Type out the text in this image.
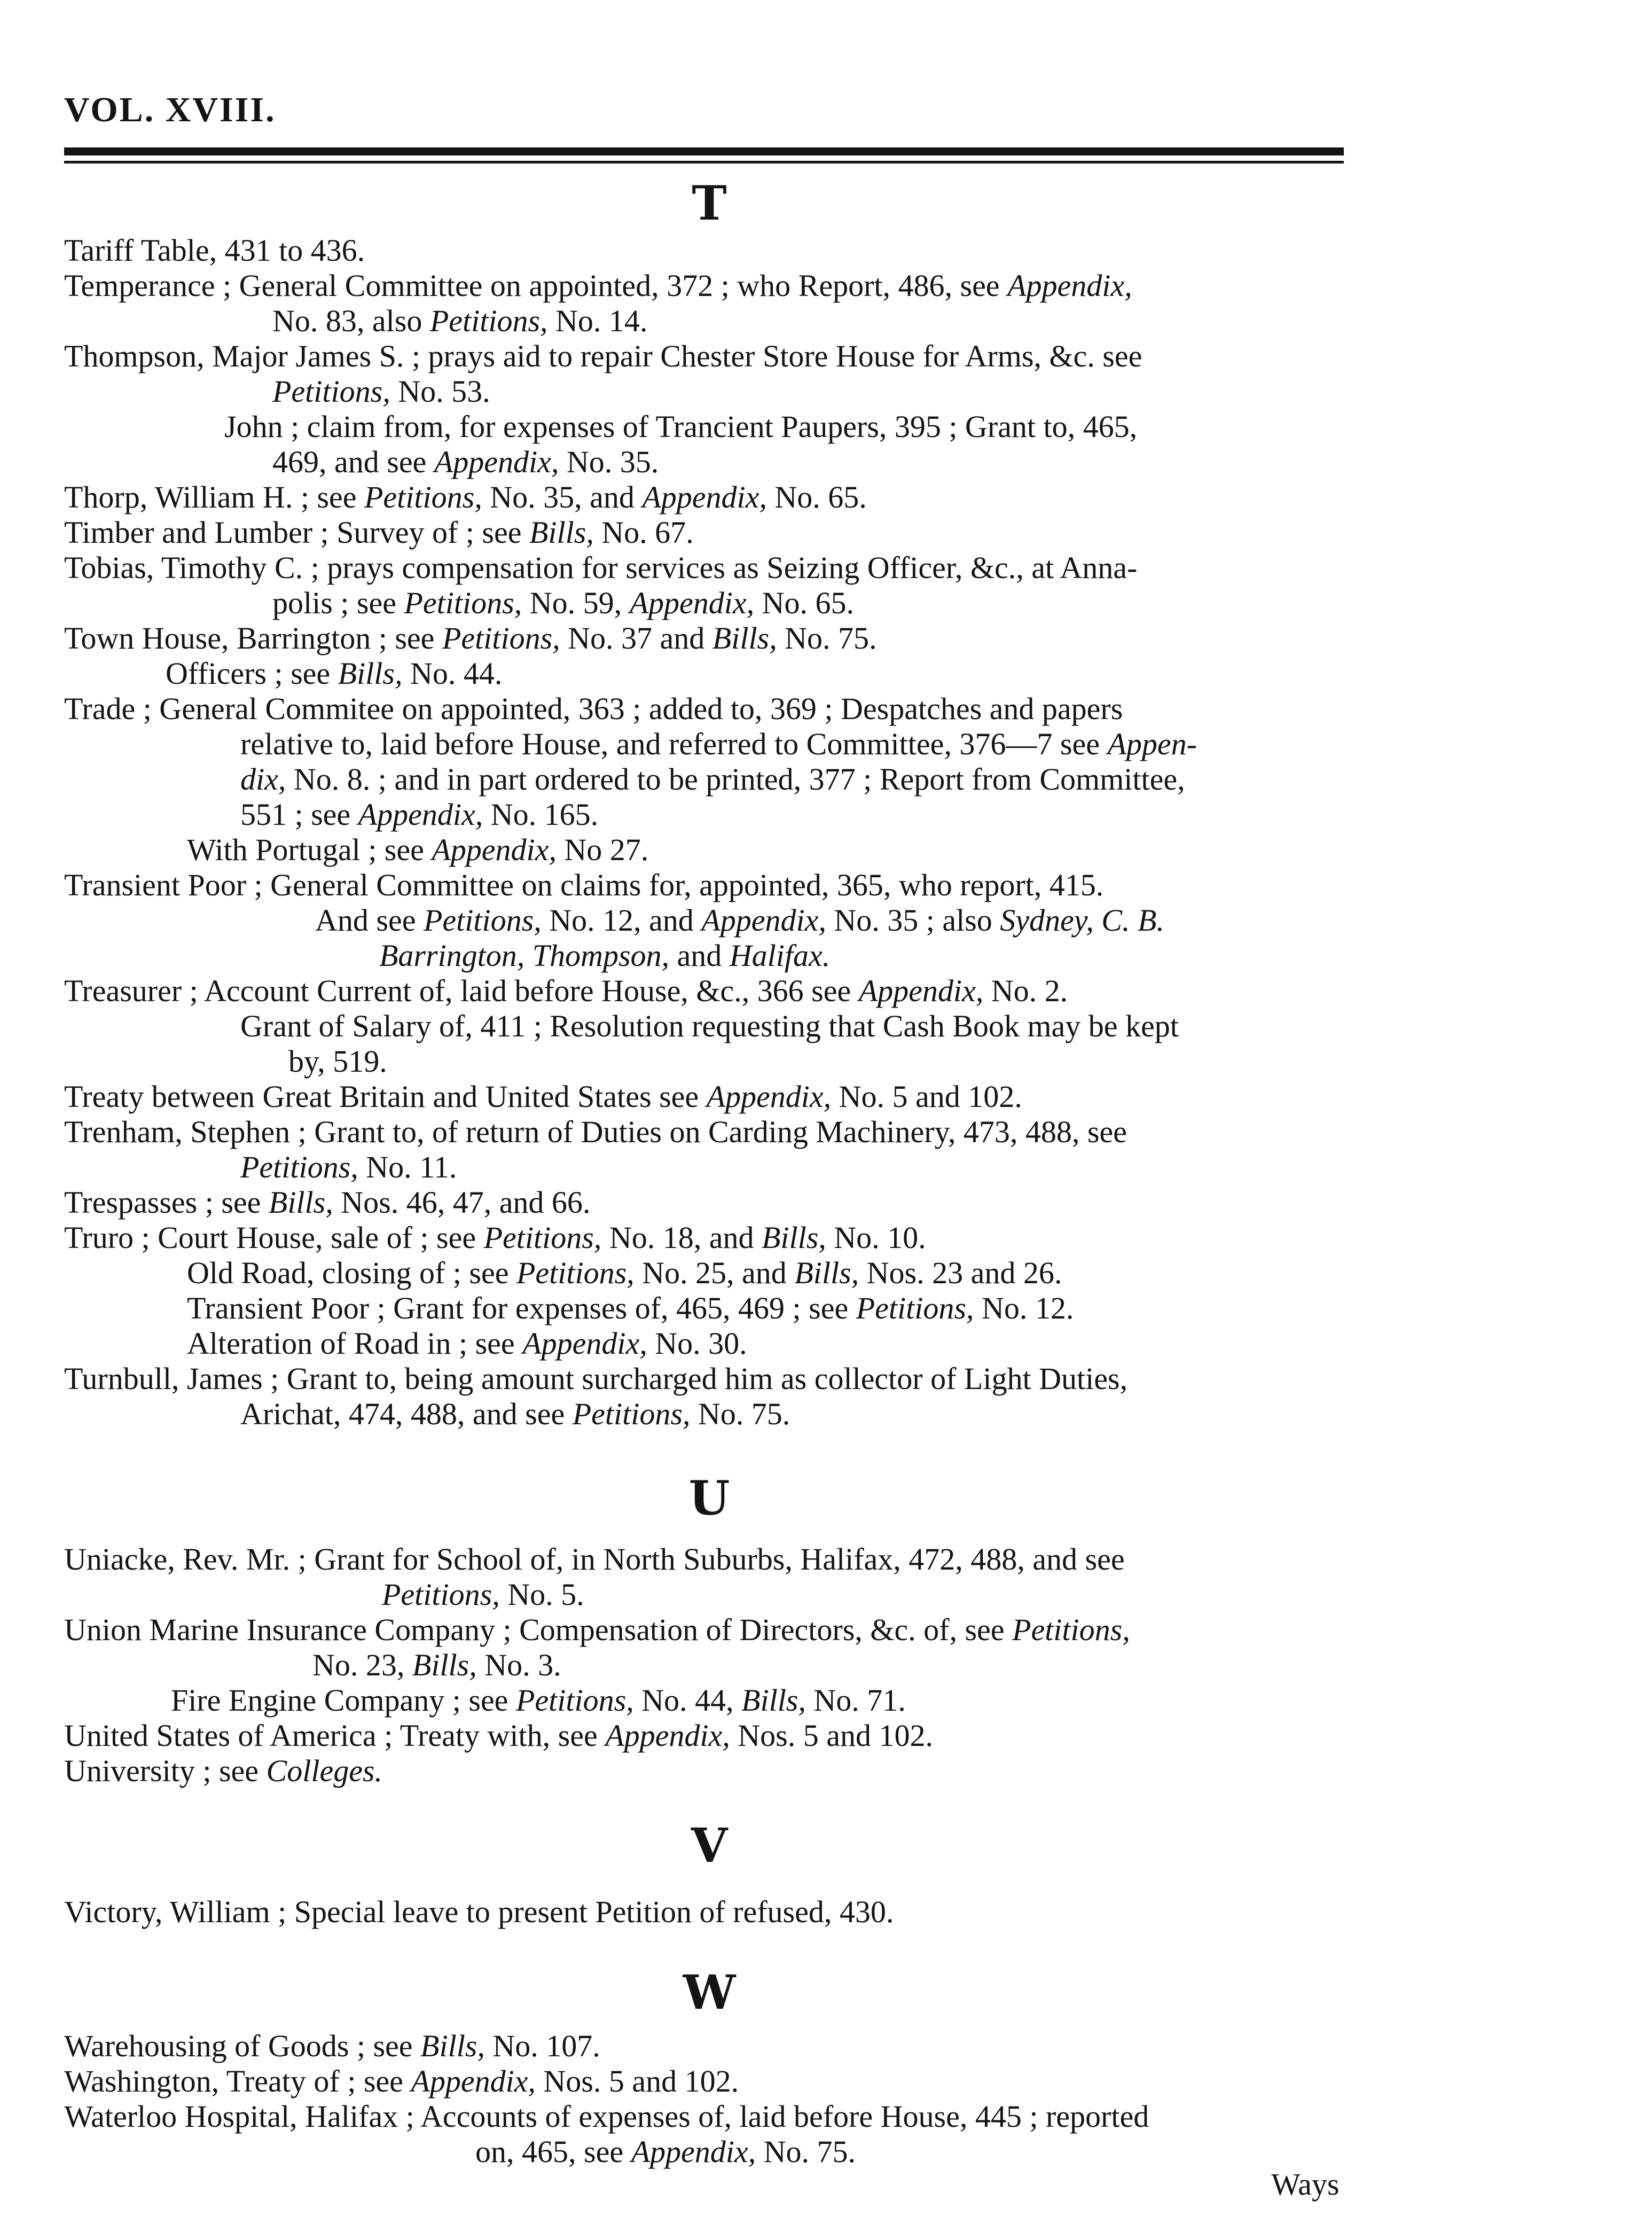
VOL. XVIII.
T
Tariff Table, 431 to 436.
Temperance ; General Committee on appointed, 372 ; who Report, 486, see Appendix,
No. 83, also Petitions, No. 14.
Thompson, Major James S. ; prays aid to repair Chester Store House for Arms, &c. see
Petitions, No. 53.
John ; claim from, for expenses of Trancient Paupers, 395 ; Grant to, 465,
469, and see Appendix, No. 35.
Thorp, William H. ; see Petitions, No. 35, and Appendix, No. 65.
Timber and Lumber ; Survey of ; see Bills, No. 67.
Tobias, Timothy C. ; prays compensation for services as Seizing Officer, &c., at Anna-
polis ; see Petitions, No. 59, Appendix, No. 65.
Town House, Barrington ; see Petitions, No. 37 and Bills, No. 75.
Officers ; see Bills, No. 44.
Trade ; General Commitee on appointed, 363 ; added to, 369 ; Despatches and papers
relative to, laid before House, and referred to Committee, 376—7 see Appen-
dix, No. 8. ; and in part ordered to be printed, 377 ; Report from Committee,
551 ; see Appendix, No. 165.
With Portugal ; see Appendix, No 27.
Transient Poor ; General Committee on claims for, appointed, 365, who report, 415.
And see Petitions, No. 12, and Appendix, No. 35 ; also Sydney, C. B.
Barrington, Thompson, and Halifax.
Treasurer ; Account Current of, laid before House, &c., 366 see Appendix, No. 2.
Grant of Salary of, 411 ; Resolution requesting that Cash Book may be kept
by, 519.
Treaty between Great Britain and United States see Appendix, No. 5 and 102.
Trenham, Stephen ; Grant to, of return of Duties on Carding Machinery, 473, 488, see
Petitions, No. 11.
Trespasses ; see Bills, Nos. 46, 47, and 66.
Truro ; Court House, sale of ; see Petitions, No. 18, and Bills, No. 10.
Old Road, closing of ; see Petitions, No. 25, and Bills, Nos. 23 and 26.
Transient Poor ; Grant for expenses of, 465, 469 ; see Petitions, No. 12.
Alteration of Road in ; see Appendix, No. 30.
Turnbull, James ; Grant to, being amount surcharged him as collector of Light Duties,
Arichat, 474, 488, and see Petitions, No. 75.
U
Uniacke, Rev. Mr. ; Grant for School of, in North Suburbs, Halifax, 472, 488, and see
Petitions, No. 5.
Union Marine Insurance Company ; Compensation of Directors, &c. of, see Petitions,
No. 23, Bills, No. 3.
Fire Engine Company ; see Petitions, No. 44, Bills, No. 71.
United States of America ; Treaty with, see Appendix, Nos. 5 and 102.
University ; see Colleges.
V
Victory, William ; Special leave to present Petition of refused, 430.
W
Warehousing of Goods ; see Bills, No. 107.
Washington, Treaty of ; see Appendix, Nos. 5 and 102.
Waterloo Hospital, Halifax ; Accounts of expenses of, laid before House, 445 ; reported
on, 465, see Appendix, No. 75.
Ways
